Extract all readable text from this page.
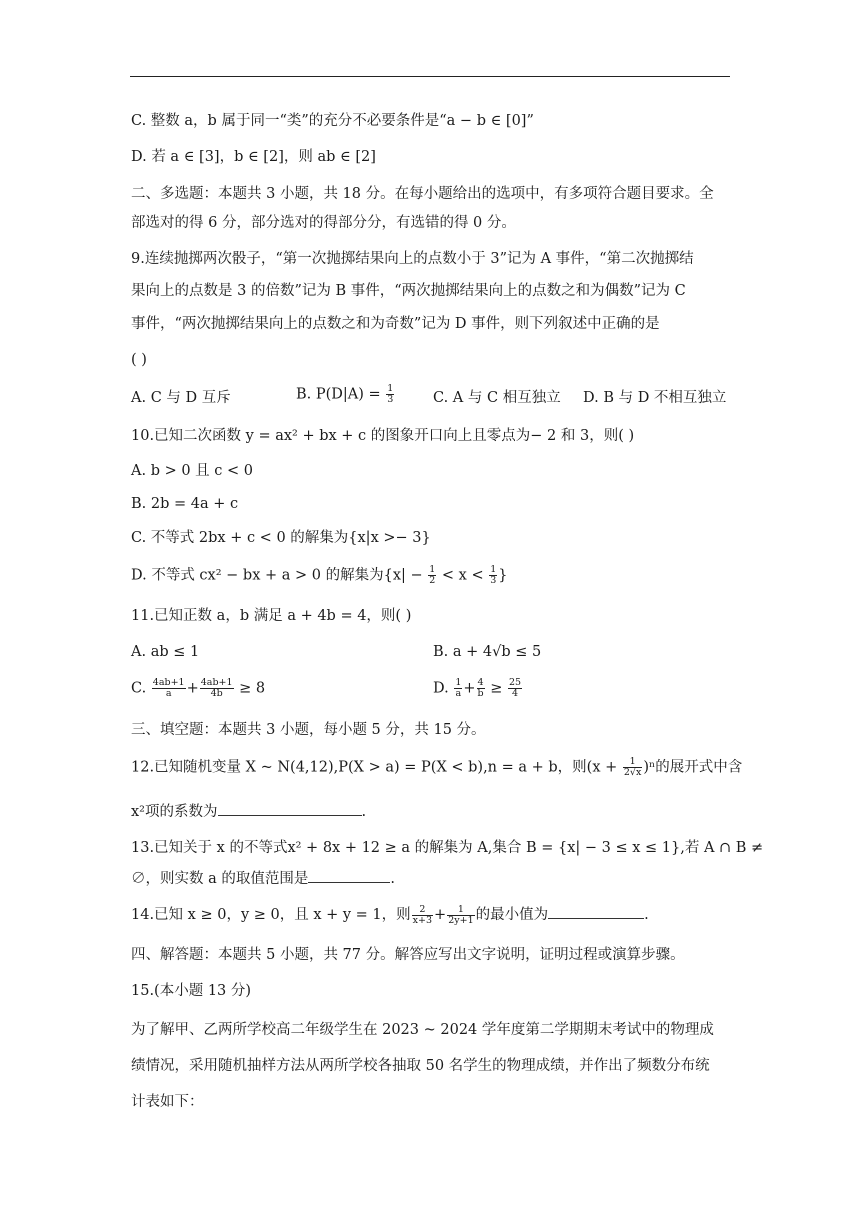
C. 整数 a，b 属于同一“类”的充分不必要条件是“a − b ∈ [0]”
D. 若 a ∈ [3]，b ∈ [2]，则 ab ∈ [2]
二、多选题：本题共 3 小题，共 18 分。在每小题给出的选项中，有多项符合题目要求。全
部选对的得 6 分，部分选对的得部分分，有选错的得 0 分。
9.连续抛掷两次骰子，“第一次抛掷结果向上的点数小于 3”记为 A 事件，“第二次抛掷结
果向上的点数是 3 的倍数”记为 B 事件，“两次抛掷结果向上的点数之和为偶数”记为 C
事件，“两次抛掷结果向上的点数之和为奇数”记为 D 事件，则下列叙述中正确的是
( )
A. C 与 D 互斥	B. $P(D|A) = \frac{1}{3}$	C. A 与 C 相互独立 D. B 与 D 不相互独立
10.已知二次函数 y = ax² + bx + c 的图象开口向上且零点为− 2 和 3，则( )
A. b > 0 且 c < 0
B. 2b = 4a + c
C. 不等式 2bx + c < 0 的解集为{x|x >− 3}
D. 不等式 cx² − bx + a > 0 的解集为{$x| - \frac{1}{2} < x < \frac{1}{3}$ }
11.已知正数 a，b 满足 a + 4b = 4，则( )
A. ab ≤ 1	B. a + 4√b ≤ 5
C. $\frac{4ab+1}{a} + \frac{4ab+1}{4b} \ge 8$	D. $\frac{1}{a} + \frac{4}{b} \ge \frac{25}{4}$
三、填空题：本题共 3 小题，每小题 5 分，共 15 分。
12.已知随机变量 X ~ N(4,12),P(X > a) = P(X < b),n = a + b，则$(x + \frac{1}{2√x} )^n$的展开式中含
x²项的系数为	.
13.已知关于 x 的不等式x² + 8x + 12 ≥ a 的解集为 A,集合 B = {x| − 3 ≤ x ≤ 1},若 A ∩ B ≠
∅，则实数 a 的取值范围是	.
14.已知 x ≥ 0，y ≥ 0，且 x + y = 1，则 $\frac{2}{x+3} + \frac{1}{2y+1}$ 的最小值为	.
四、解答题：本题共 5 小题，共 77 分。解答应写出文字说明，证明过程或演算步骤。
15.(本小题 13 分)
为了解甲、乙两所学校高二年级学生在 2023 ~ 2024 学年度第二学期期末考试中的物理成
绩情况，采用随机抽样方法从两所学校各抽取 50 名学生的物理成绩，并作出了频数分布统
计表如下：
